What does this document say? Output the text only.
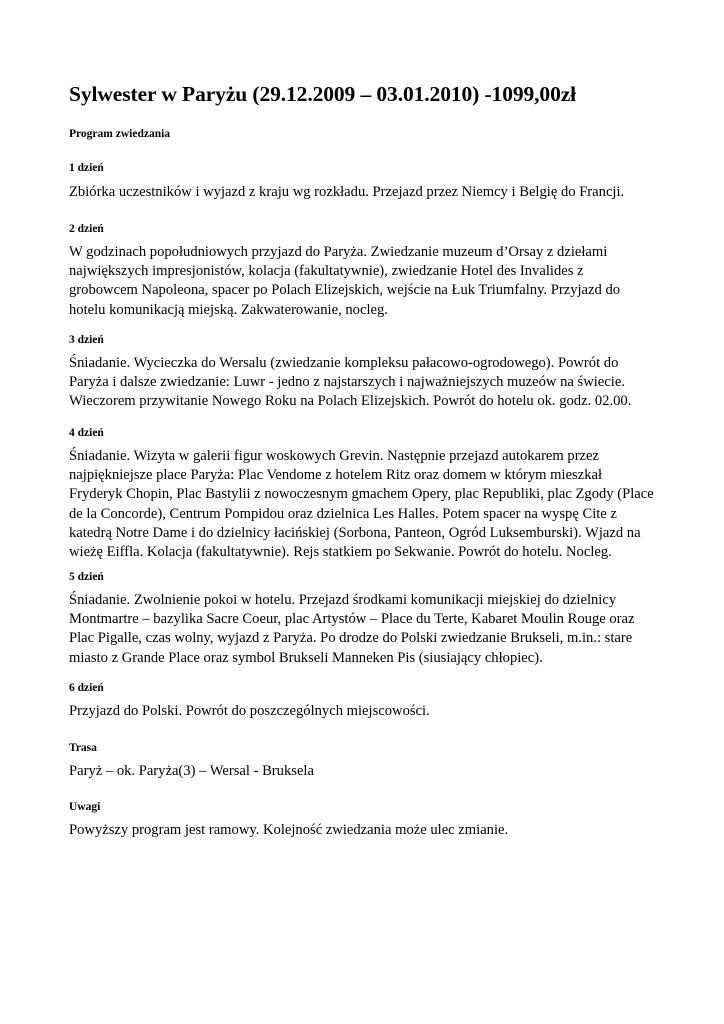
Sylwester w Paryżu (29.12.2009 – 03.01.2010) -1099,00zł
Program zwiedzania
1 dzień
Zbiórka uczestników i wyjazd z kraju wg rozkładu. Przejazd przez Niemcy i Belgię do Francji.
2 dzień
W godzinach popołudniowych przyjazd do Paryża. Zwiedzanie muzeum d’Orsay z dziełami
największych impresjonistów, kolacja (fakultatywnie), zwiedzanie Hotel des Invalides z
grobowcem Napoleona, spacer po Polach Elizejskich, wejście na Łuk Triumfalny. Przyjazd do
hotelu komunikacją miejską. Zakwaterowanie, nocleg.
3 dzień
Śniadanie. Wycieczka do Wersalu (zwiedzanie kompleksu pałacowo-ogrodowego). Powrót do
Paryża i dalsze zwiedzanie: Luwr - jedno z najstarszych i najważniejszych muzeów na świecie.
Wieczorem przywitanie Nowego Roku na Polach Elizejskich. Powrót do hotelu ok. godz. 02.00.
4 dzień
Śniadanie. Wizyta w galerii figur woskowych Grevin. Następnie przejazd autokarem przez
najpiękniejsze place Paryża: Plac Vendome z hotelem Ritz oraz domem w którym mieszkał
Fryderyk Chopin, Plac Bastylii z nowoczesnym gmachem Opery, plac Republiki, plac Zgody (Place
de la Concorde), Centrum Pompidou oraz dzielnica Les Halles. Potem spacer na wyspę Cite z
katedrą Notre Dame i do dzielnicy łacińskiej (Sorbona, Panteon, Ogród Luksemburski). Wjazd na
wieżę Eiffla. Kolacja (fakultatywnie). Rejs statkiem po Sekwanie. Powrót do hotelu. Nocleg.
5 dzień
Śniadanie. Zwolnienie pokoi w hotelu. Przejazd środkami komunikacji miejskiej do dzielnicy
Montmartre – bazylika Sacre Coeur, plac Artystów – Place du Terte, Kabaret Moulin Rouge oraz
Plac Pigalle, czas wolny, wyjazd z Paryża. Po drodze do Polski zwiedzanie Brukseli, m.in.: stare
miasto z Grande Place oraz symbol Brukseli Manneken Pis (siusiający chłopiec).
6 dzień
Przyjazd do Polski. Powrót do poszczególnych miejscowości.
Trasa
Paryż – ok. Paryża(3) – Wersal - Bruksela
Uwagi
Powyższy program jest ramowy. Kolejność zwiedzania może ulec zmianie.
